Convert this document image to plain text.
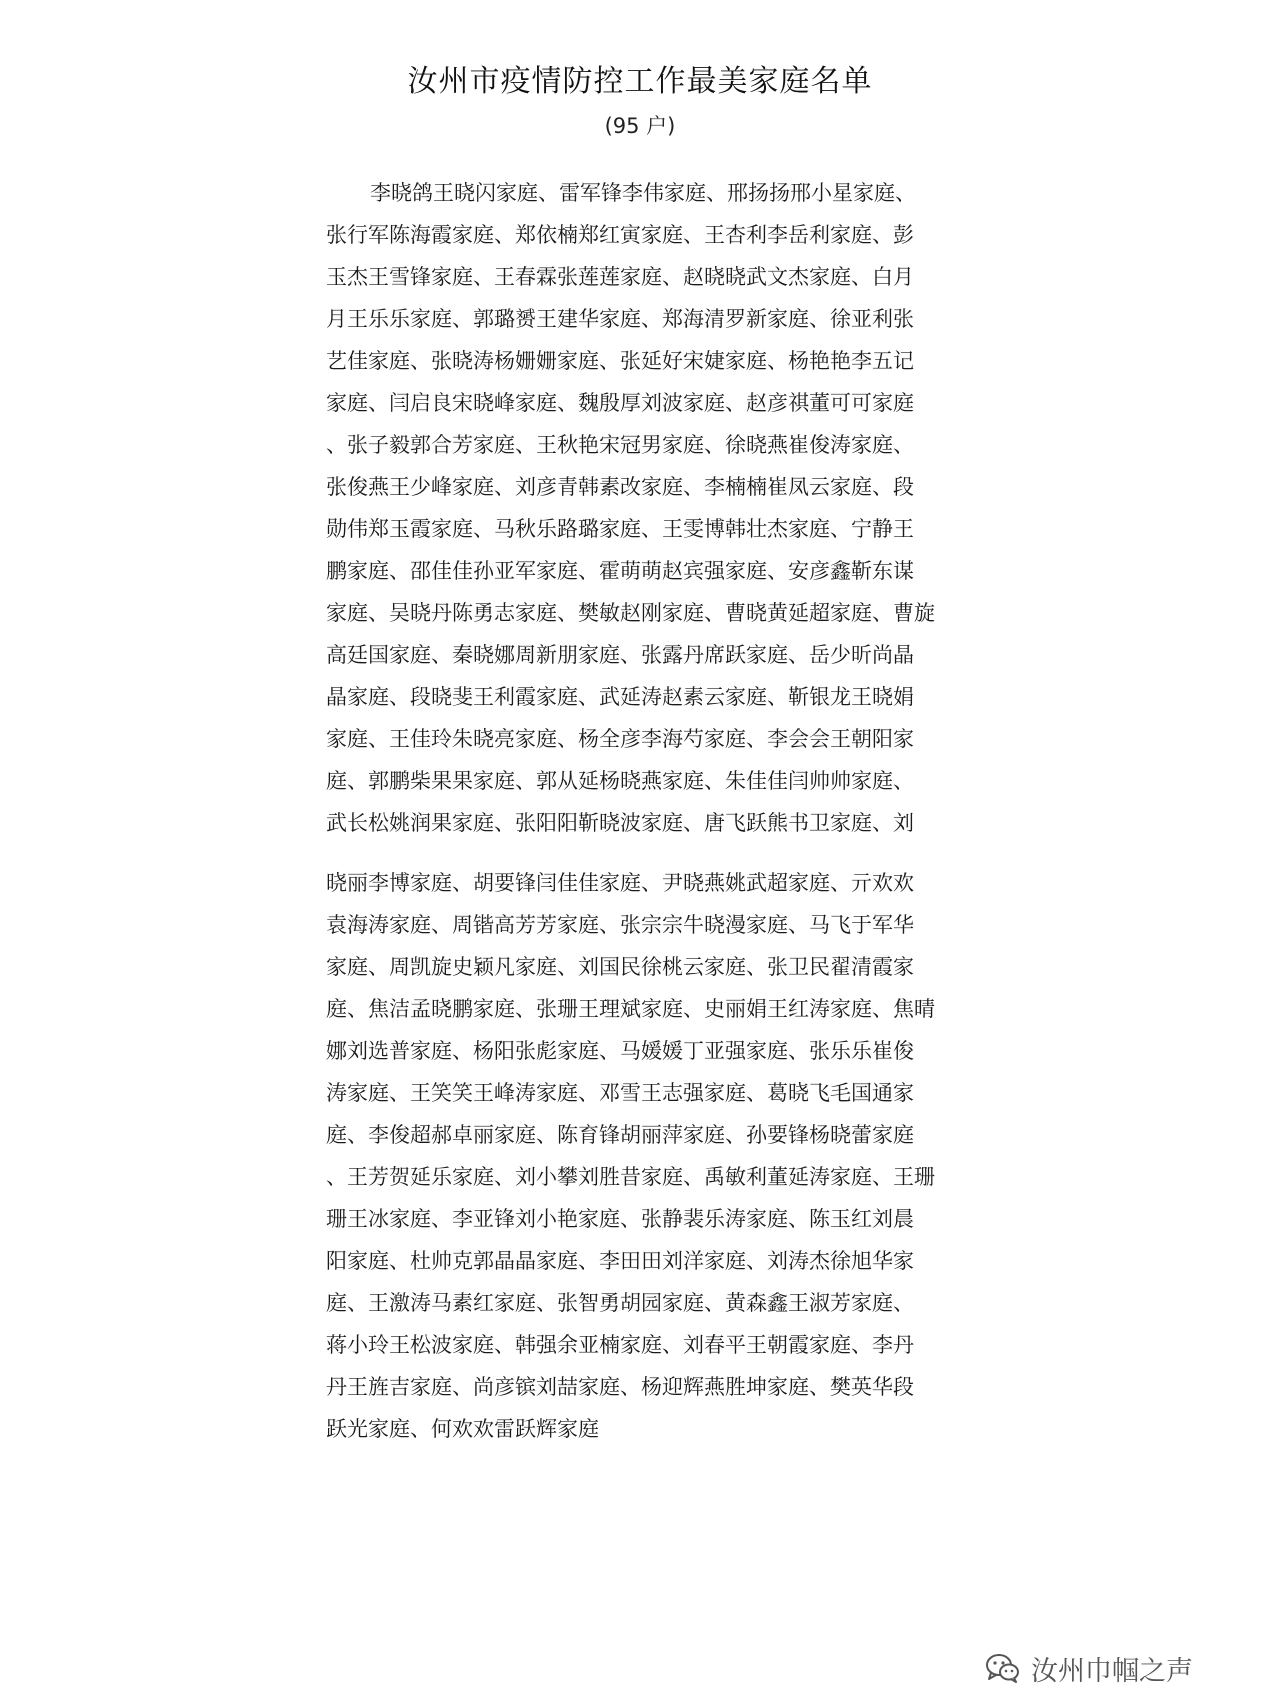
汝州市疫情防控工作最美家庭名单
(95 户)
李晓鸽王晓闪家庭、雷军锋李伟家庭、邢扬扬邢小星家庭、
张行军陈海霞家庭、郑依楠郑红寅家庭、王杏利李岳利家庭、彭
玉杰王雪锋家庭、王春霖张莲莲家庭、赵晓晓武文杰家庭、白月
月王乐乐家庭、郭璐赟王建华家庭、郑海清罗新家庭、徐亚利张
艺佳家庭、张晓涛杨姗姗家庭、张延好宋婕家庭、杨艳艳李五记
家庭、闫启良宋晓峰家庭、魏殷厚刘波家庭、赵彦祺董可可家庭
、张子毅郭合芳家庭、王秋艳宋冠男家庭、徐晓燕崔俊涛家庭、
张俊燕王少峰家庭、刘彦青韩素改家庭、李楠楠崔凤云家庭、段
勋伟郑玉霞家庭、马秋乐路璐家庭、王雯博韩壮杰家庭、宁静王
鹏家庭、邵佳佳孙亚军家庭、霍萌萌赵宾强家庭、安彦鑫靳东谋
家庭、吴晓丹陈勇志家庭、樊敏赵刚家庭、曹晓黄延超家庭、曹旋
高廷国家庭、秦晓娜周新朋家庭、张露丹席跃家庭、岳少昕尚晶
晶家庭、段晓斐王利霞家庭、武延涛赵素云家庭、靳银龙王晓娟
家庭、王佳玲朱晓亮家庭、杨全彦李海芍家庭、李会会王朝阳家
庭、郭鹏柴果果家庭、郭从延杨晓燕家庭、朱佳佳闫帅帅家庭、
武长松姚润果家庭、张阳阳靳晓波家庭、唐飞跃熊书卫家庭、刘
晓丽李博家庭、胡要锋闫佳佳家庭、尹晓燕姚武超家庭、亓欢欢
袁海涛家庭、周锴高芳芳家庭、张宗宗牛晓漫家庭、马飞于军华
家庭、周凯旋史颖凡家庭、刘国民徐桃云家庭、张卫民翟清霞家
庭、焦洁孟晓鹏家庭、张珊王理斌家庭、史丽娟王红涛家庭、焦晴
娜刘选普家庭、杨阳张彪家庭、马媛媛丁亚强家庭、张乐乐崔俊
涛家庭、王笑笑王峰涛家庭、邓雪王志强家庭、葛晓飞毛国通家
庭、李俊超郝卓丽家庭、陈育锋胡丽萍家庭、孙要锋杨晓蕾家庭
、王芳贺延乐家庭、刘小攀刘胜昔家庭、禹敏利董延涛家庭、王珊
珊王冰家庭、李亚锋刘小艳家庭、张静裴乐涛家庭、陈玉红刘晨
阳家庭、杜帅克郭晶晶家庭、李田田刘洋家庭、刘涛杰徐旭华家
庭、王激涛马素红家庭、张智勇胡园家庭、黄森鑫王淑芳家庭、
蒋小玲王松波家庭、韩强余亚楠家庭、刘春平王朝霞家庭、李丹
丹王旌吉家庭、尚彦镔刘喆家庭、杨迎辉燕胜坤家庭、樊英华段
跃光家庭、何欢欢雷跃辉家庭
汝州巾帼之声
